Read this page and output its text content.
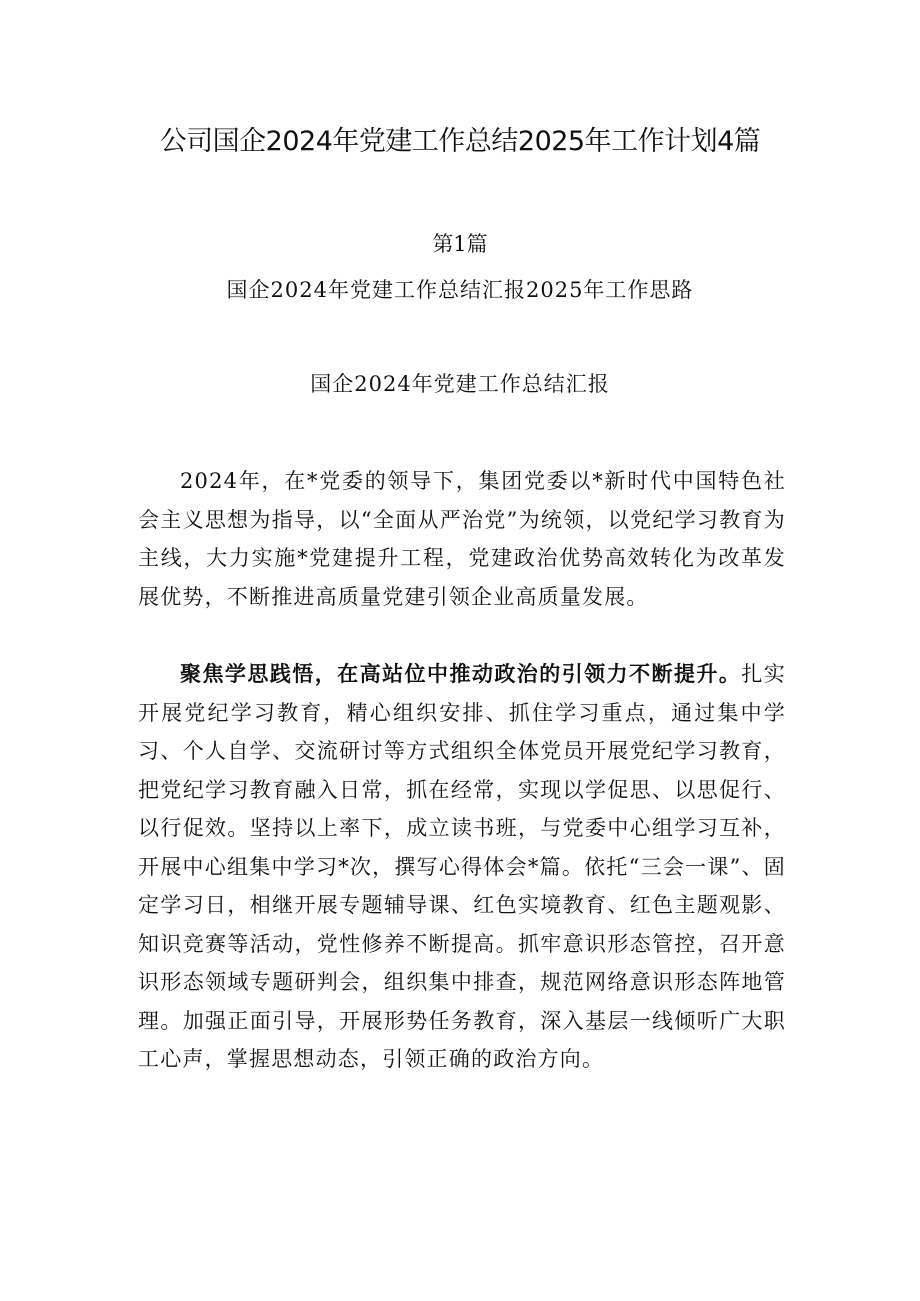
公司国企2024年党建工作总结2025年工作计划4篇

第1篇

国企2024年党建工作总结汇报2025年工作思路

国企2024年党建工作总结汇报

2024年，在*党委的领导下，集团党委以*新时代中国特色社会主义思想为指导，以“全面从严治党”为统领，以党纪学习教育为主线，大力实施*党建提升工程，党建政治优势高效转化为改革发展优势，不断推进高质量党建引领企业高质量发展。

聚焦学思践悟，在高站位中推动政治的引领力不断提升。扎实开展党纪学习教育，精心组织安排、抓住学习重点，通过集中学习、个人自学、交流研讨等方式组织全体党员开展党纪学习教育，把党纪学习教育融入日常，抓在经常，实现以学促思、以思促行、以行促效。坚持以上率下，成立读书班，与党委中心组学习互补，开展中心组集中学习*次，撰写心得体会*篇。依托“三会一课”、固定学习日，相继开展专题辅导课、红色实境教育、红色主题观影、知识竞赛等活动，党性修养不断提高。抓牢意识形态管控，召开意识形态领域专题研判会，组织集中排查，规范网络意识形态阵地管理。加强正面引导，开展形势任务教育，深入基层一线倾听广大职工心声，掌握思想动态，引领正确的政治方向。
